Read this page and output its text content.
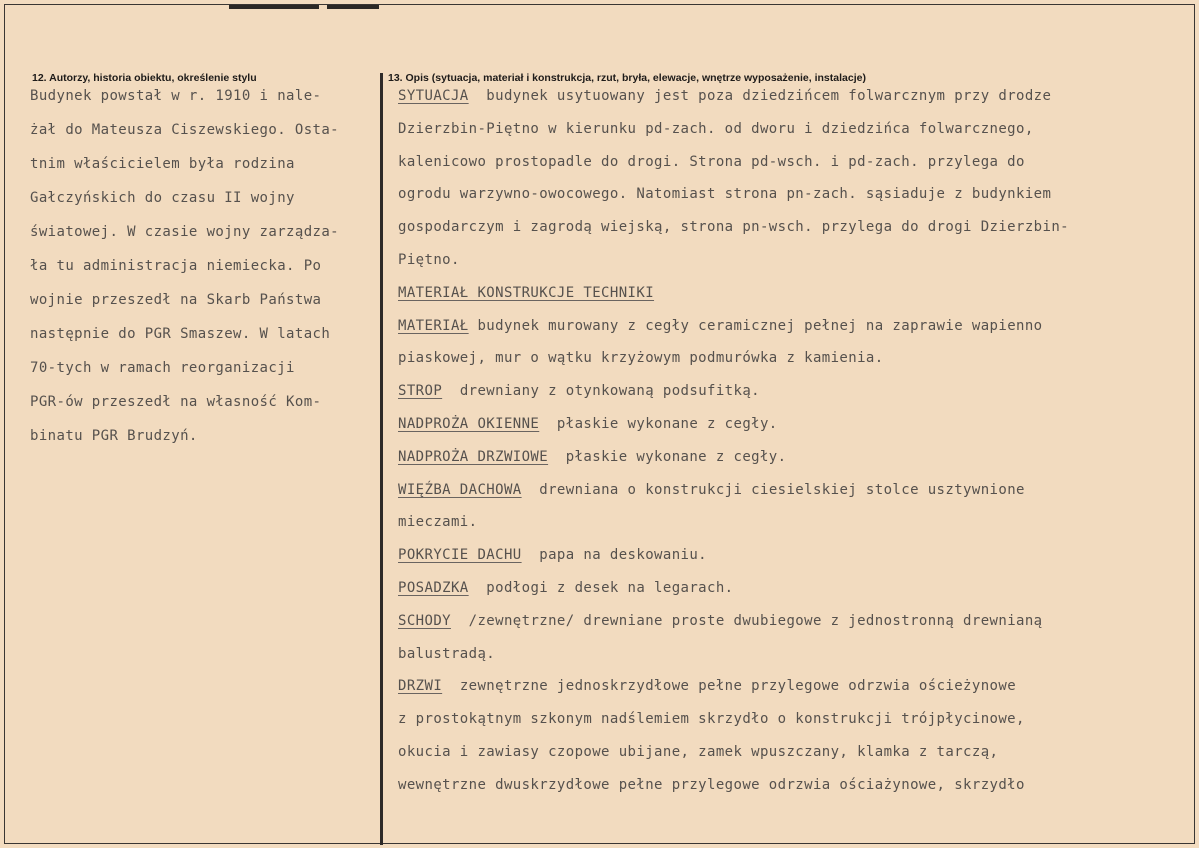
12. Autorzy, historia obiektu, określenie stylu	13. Opis (sytuacja, materiał i konstrukcja, rzut, bryła, elewacje, wnętrze wyposażenie, instalacje)
Budynek powstał w r. 1910 i nale-
żał do Mateusza Ciszewskiego. Osta-
tnim właścicielem była rodzina
Gałczyńskich do czasu II wojny
światowej. W czasie wojny zarządza-
ła tu administracja niemiecka. Po
wojnie przeszedł na Skarb Państwa
następnie do PGR Smaszew. W latach
70-tych w ramach reorganizacji
PGR-ów przeszedł na własność Kom-
binatu PGR Brudzyń.
SYTUACJA  budynek usytuowany jest poza dziedzińcem folwarcznym przy drodze
Dzierzbin-Piętno w kierunku pd-zach. od dworu i dziedzińca folwarcznego,
kalenicowo prostopadle do drogi. Strona pd-wsch. i pd-zach. przylega do
ogrodu warzywno-owocowego. Natomiast strona pn-zach. sąsiaduje z budynkiem
gospodarczym i zagrodą wiejską, strona pn-wsch. przylega do drogi Dzierzbin-
Piętno.
MATERIAŁ KONSTRUKCJE TECHNIKI
MATERIAŁ budynek murowany z cegły ceramicznej pełnej na zaprawie wapienno
piaskowej, mur o wątku krzyżowym podmurówka z kamienia.
STROP  drewniany z otynkowaną podsufitką.
NADPROŻA OKIENNE  płaskie wykonane z cegły.
NADPROŻA DRZWIOWE  płaskie wykonane z cegły.
WIĘŹBA DACHOWA  drewniana o konstrukcji ciesielskiej stolce usztywnione
mieczami.
POKRYCIE DACHU  papa na deskowaniu.
POSADZKA  podłogi z desek na legarach.
SCHODY  /zewnętrzne/ drewniane proste dwubiegowe z jednostronną drewnianą
balustradą.
DRZWI  zewnętrzne jednoskrzydłowe pełne przylegowe odrzwia ościeżynowe
z prostokątnym szkonym nadślemiem skrzydło o konstrukcji trójpłycinowe,
okucia i zawiasy czopowe ubijane, zamek wpuszczany, klamka z tarczą,
wewnętrzne dwuskrzydłowe pełne przylegowe odrzwia ościażynowe, skrzydło
